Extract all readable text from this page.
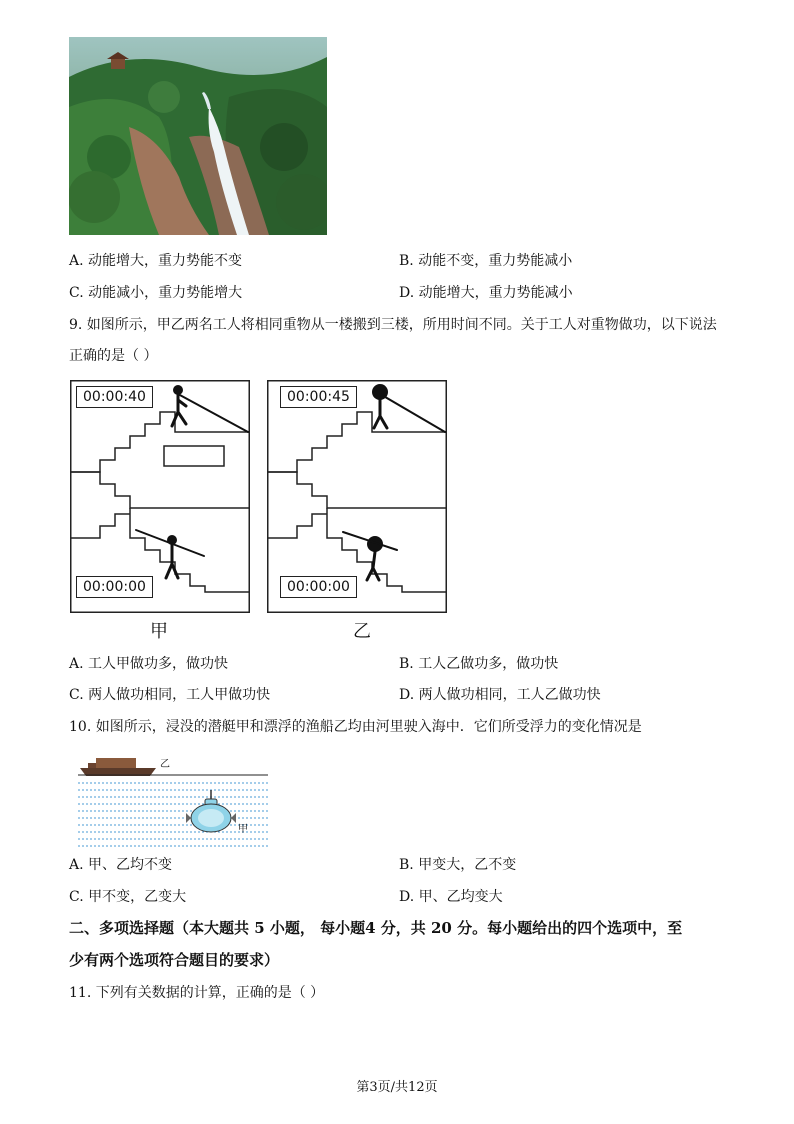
A. 动能增大，重力势能不变	B. 动能不变，重力势能减小
C. 动能减小，重力势能增大	D. 动能增大，重力势能减小
9. 如图所示，甲乙两名工人将相同重物从一楼搬到三楼，所用时间不同。关于工人对重物做功，以下说法
正确的是（ ）
00:00:40
00:00:00
甲
00:00:45
00:00:00
乙
A. 工人甲做功多，做功快	B. 工人乙做功多，做功快
C. 两人做功相同，工人甲做功快	D. 两人做功相同，工人乙做功快
10. 如图所示，浸没的潜艇甲和漂浮的渔船乙均由河里驶入海中．它们所受浮力的变化情况是
乙
甲
A. 甲、乙均不变	B. 甲变大，乙不变
C. 甲不变，乙变大	D. 甲、乙均变大
二、多项选择题（本大题共 5 小题， 每小题4 分，共 20 分。每小题给出的四个选项中，至
少有两个选项符合题目的要求）
11. 下列有关数据的计算，正确的是（ ）
第3页/共12页
